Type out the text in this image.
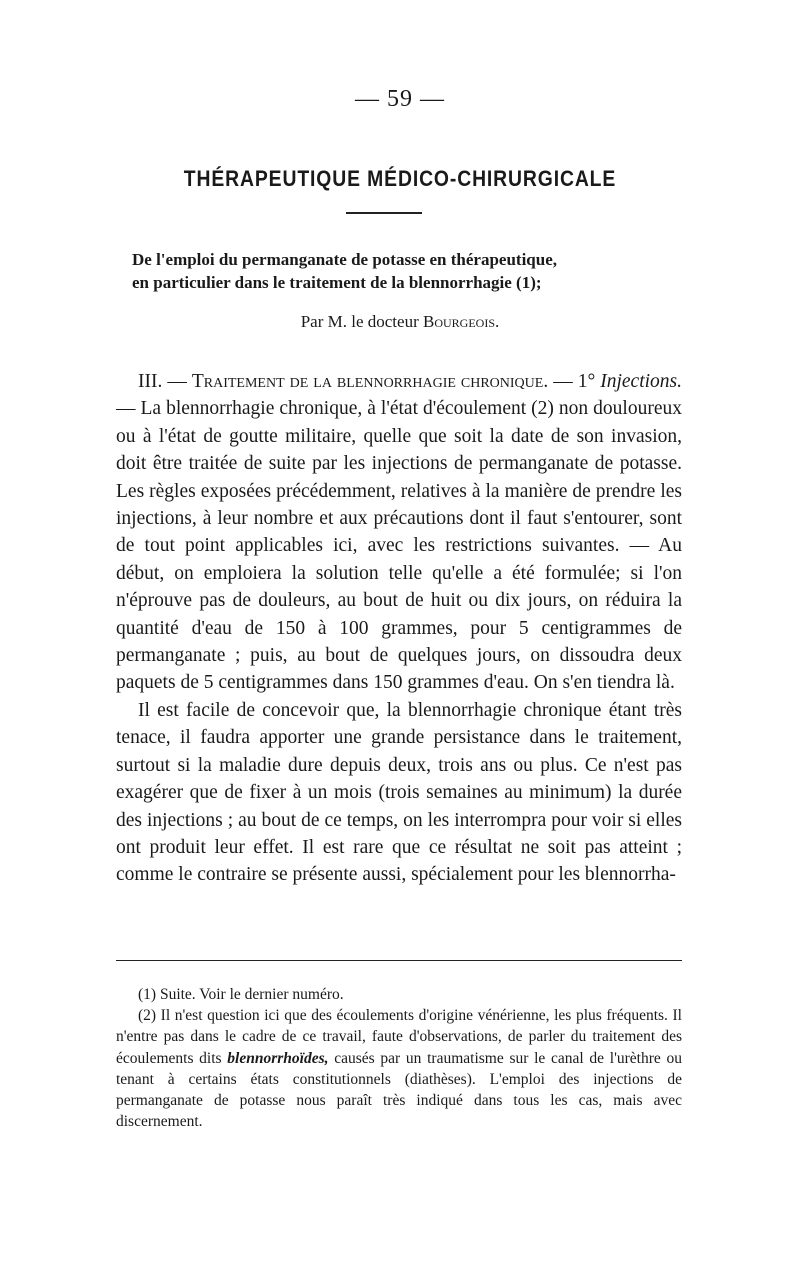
— 59 —
THÉRAPEUTIQUE MÉDICO-CHIRURGICALE
De l'emploi du permanganate de potasse en thérapeutique,
en particulier dans le traitement de la blennorrhagie (1);
Par M. le docteur Bourgeois.

III. — Traitement de la blennorrhagie chronique. — 1° Injections. — La blennorrhagie chronique, à l'état d'écoulement (2) non douloureux ou à l'état de goutte militaire, quelle que soit la date de son invasion, doit être traitée de suite par les injections de permanganate de potasse. Les règles exposées précédemment, relatives à la manière de prendre les injections, à leur nombre et aux précautions dont il faut s'entourer, sont de tout point applicables ici, avec les restrictions suivantes. — Au début, on emploiera la solution telle qu'elle a été formulée; si l'on n'éprouve pas de douleurs, au bout de huit ou dix jours, on réduira la quantité d'eau de 150 à 100 grammes, pour 5 centigrammes de permanganate ; puis, au bout de quelques jours, on dissoudra deux paquets de 5 centigrammes dans 150 grammes d'eau. On s'en tiendra là.

Il est facile de concevoir que, la blennorrhagie chronique étant très tenace, il faudra apporter une grande persistance dans le traitement, surtout si la maladie dure depuis deux, trois ans ou plus. Ce n'est pas exagérer que de fixer à un mois (trois semaines au minimum) la durée des injections ; au bout de ce temps, on les interrompra pour voir si elles ont produit leur effet. Il est rare que ce résultat ne soit pas atteint ; comme le contraire se présente aussi, spécialement pour les blennorrha-

(1) Suite. Voir le dernier numéro.

(2) Il n'est question ici que des écoulements d'origine vénérienne, les plus fréquents. Il n'entre pas dans le cadre de ce travail, faute d'observations, de parler du traitement des écoulements dits blennorrhoïdes, causés par un traumatisme sur le canal de l'urèthre ou tenant à certains états constitutionnels (diathèses). L'emploi des injections de permanganate de potasse nous paraît très indiqué dans tous les cas, mais avec discernement.
